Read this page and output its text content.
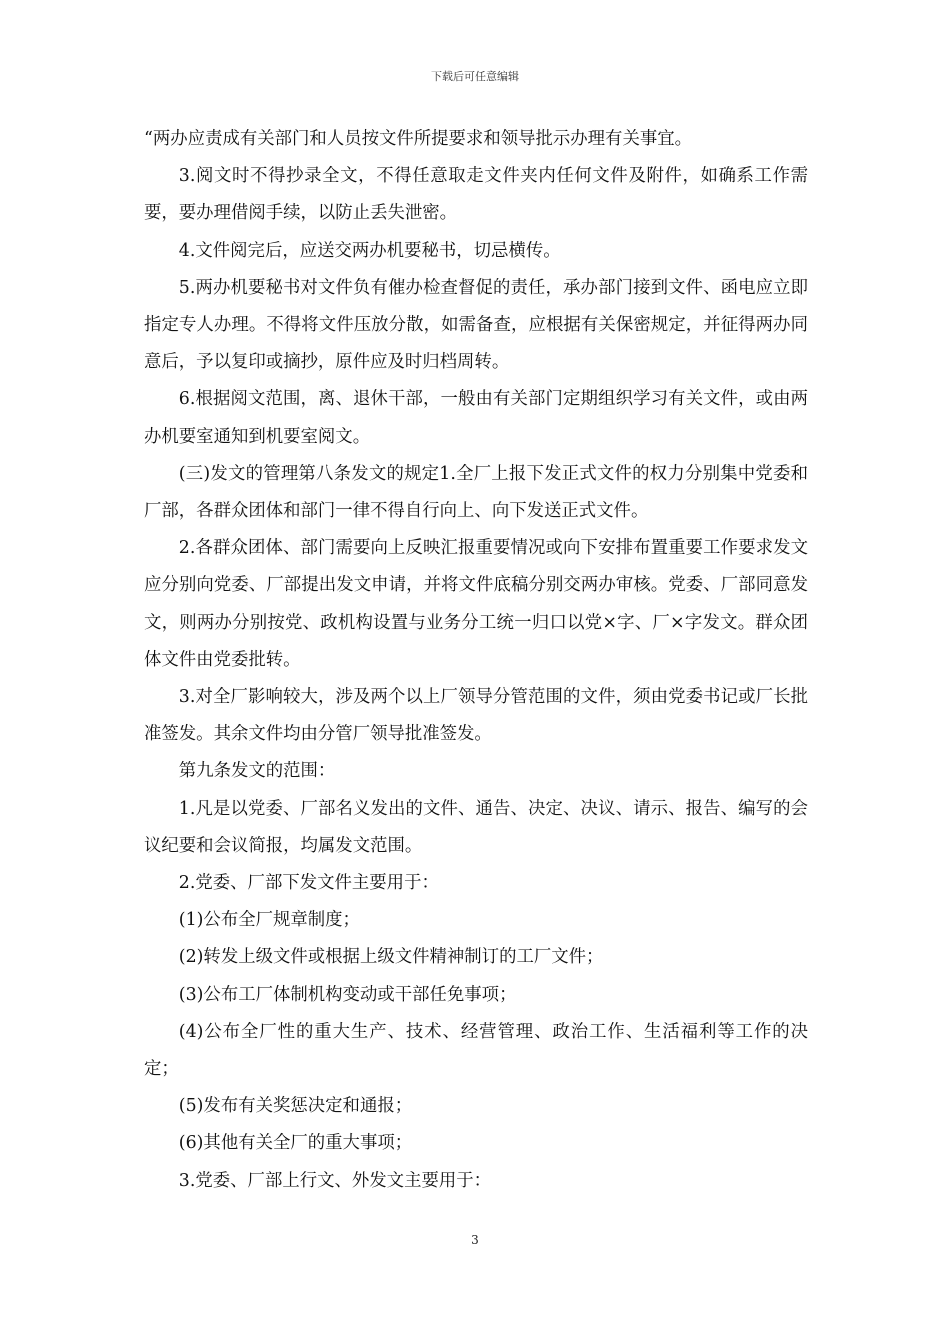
下载后可任意编辑

“两办应责成有关部门和人员按文件所提要求和领导批示办理有关事宜。

3.阅文时不得抄录全文，不得任意取走文件夹内任何文件及附件，如确系工作需要，要办理借阅手续，以防止丢失泄密。

4.文件阅完后，应送交两办机要秘书，切忌横传。

5.两办机要秘书对文件负有催办检查督促的责任，承办部门接到文件、函电应立即指定专人办理。不得将文件压放分散，如需备查，应根据有关保密规定，并征得两办同意后，予以复印或摘抄，原件应及时归档周转。

6.根据阅文范围，离、退休干部，一般由有关部门定期组织学习有关文件，或由两办机要室通知到机要室阅文。

(三)发文的管理第八条发文的规定1.全厂上报下发正式文件的权力分别集中党委和厂部，各群众团体和部门一律不得自行向上、向下发送正式文件。

2.各群众团体、部门需要向上反映汇报重要情况或向下安排布置重要工作要求发文应分别向党委、厂部提出发文申请，并将文件底稿分别交两办审核。党委、厂部同意发文，则两办分别按党、政机构设置与业务分工统一归口以党×字、厂×字发文。群众团体文件由党委批转。

3.对全厂影响较大，涉及两个以上厂领导分管范围的文件，须由党委书记或厂长批准签发。其余文件均由分管厂领导批准签发。

第九条发文的范围：

1.凡是以党委、厂部名义发出的文件、通告、决定、决议、请示、报告、编写的会议纪要和会议简报，均属发文范围。

2.党委、厂部下发文件主要用于：

(1)公布全厂规章制度；

(2)转发上级文件或根据上级文件精神制订的工厂文件；

(3)公布工厂体制机构变动或干部任免事项；

(4)公布全厂性的重大生产、技术、经营管理、政治工作、生活福利等工作的决定；

(5)发布有关奖惩决定和通报；

(6)其他有关全厂的重大事项；

3.党委、厂部上行文、外发文主要用于：

3
